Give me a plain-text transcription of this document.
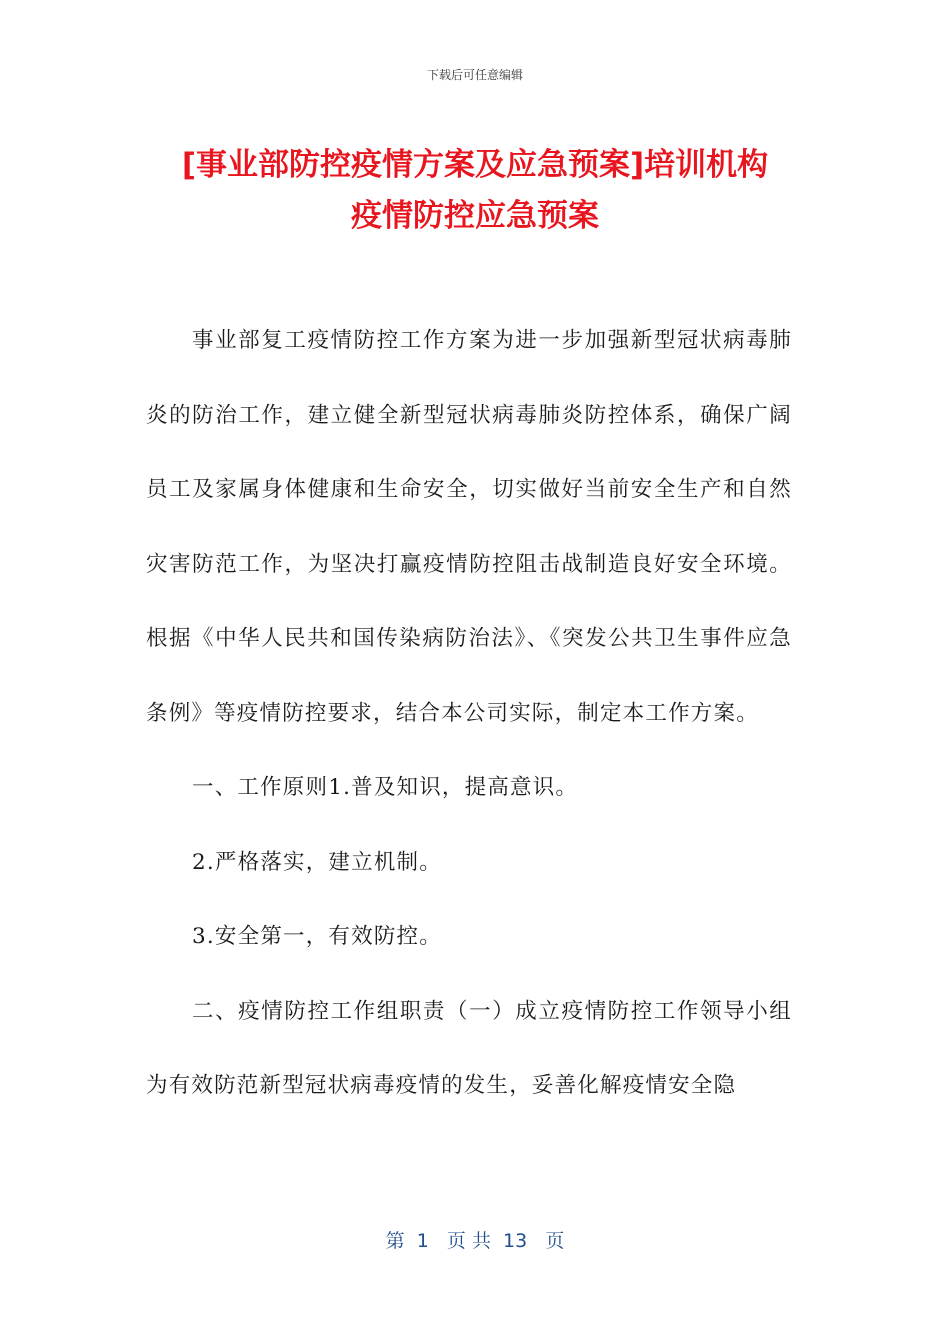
下载后可任意编辑
[事业部防控疫情方案及应急预案]培训机构
疫情防控应急预案

事业部复工疫情防控工作方案为进一步加强新型冠状病毒肺炎的防治工作，建立健全新型冠状病毒肺炎防控体系，确保广阔员工及家属身体健康和生命安全，切实做好当前安全生产和自然灾害防范工作，为坚决打赢疫情防控阻击战制造良好安全环境。根据《中华人民共和国传染病防治法》、《突发公共卫生事件应急条例》等疫情防控要求，结合本公司实际，制定本工作方案。

一、工作原则1.普及知识，提高意识。

2.严格落实，建立机制。

3.安全第一，有效防控。

二、疫情防控工作组职责（一）成立疫情防控工作领导小组为有效防范新型冠状病毒疫情的发生，妥善化解疫情安全隐

第  1   页 共  13   页
